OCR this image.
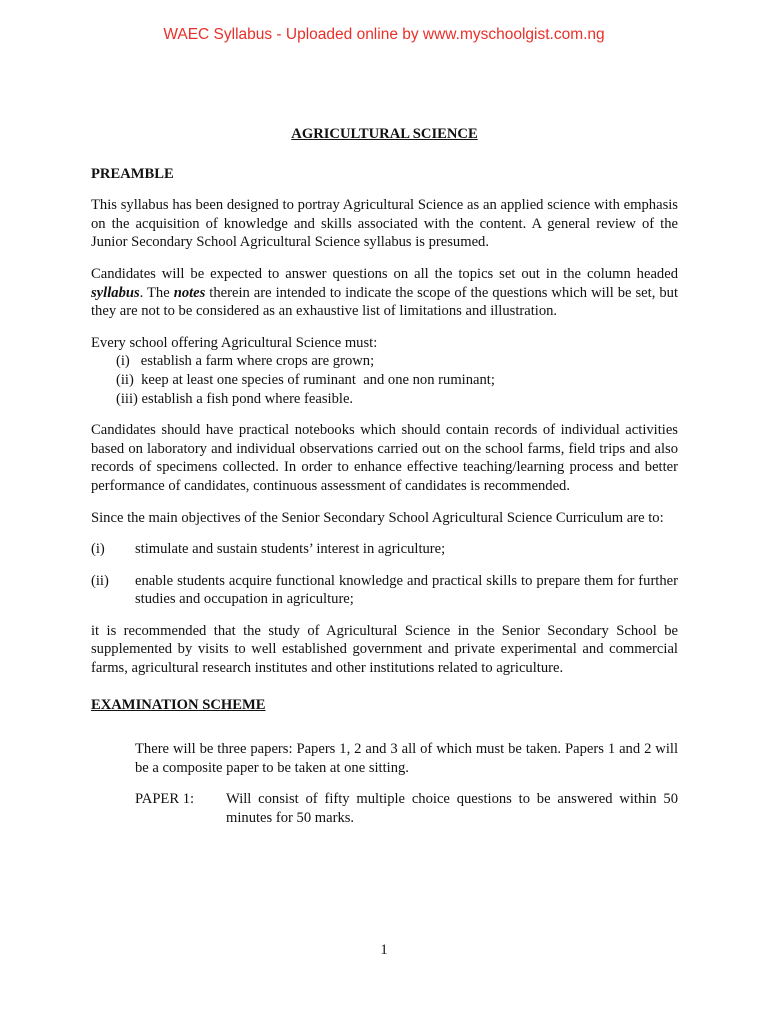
WAEC Syllabus - Uploaded online by www.myschoolgist.com.ng
AGRICULTURAL SCIENCE
PREAMBLE

This syllabus has been designed to portray Agricultural Science as an applied science with emphasis on the acquisition of knowledge and skills associated with the content. A general review of the Junior Secondary School Agricultural Science syllabus is presumed.

Candidates will be expected to answer questions on all the topics set out in the column headed syllabus. The notes therein are intended to indicate the scope of the questions which will be set, but they are not to be considered as an exhaustive list of limitations and illustration.

Every school offering Agricultural Science must:
(i)   establish a farm where crops are grown;
(ii)  keep at least one species of ruminant  and one non ruminant;
(iii) establish a fish pond where feasible.

Candidates should have practical notebooks which should contain records of individual activities based on laboratory and individual observations carried out on the school farms, field trips and also records of specimens collected. In order to enhance effective teaching/learning process and better performance of candidates, continuous assessment of candidates is recommended.

Since the main objectives of the Senior Secondary School Agricultural Science Curriculum are to:

(i)	stimulate and sustain students’ interest in agriculture;
(ii)	enable students acquire functional knowledge and practical skills to prepare them for further studies and occupation in agriculture;

it is recommended that the study of Agricultural Science in the Senior Secondary School be supplemented by visits to well established government and private experimental and commercial farms, agricultural research institutes and other institutions related to agriculture.

EXAMINATION SCHEME

There will be three papers: Papers 1, 2 and 3 all of which must be taken. Papers 1 and 2 will be a composite paper to be taken at one sitting.

PAPER 1:	Will consist of fifty multiple choice questions to be answered within 50 minutes for 50 marks.
1
